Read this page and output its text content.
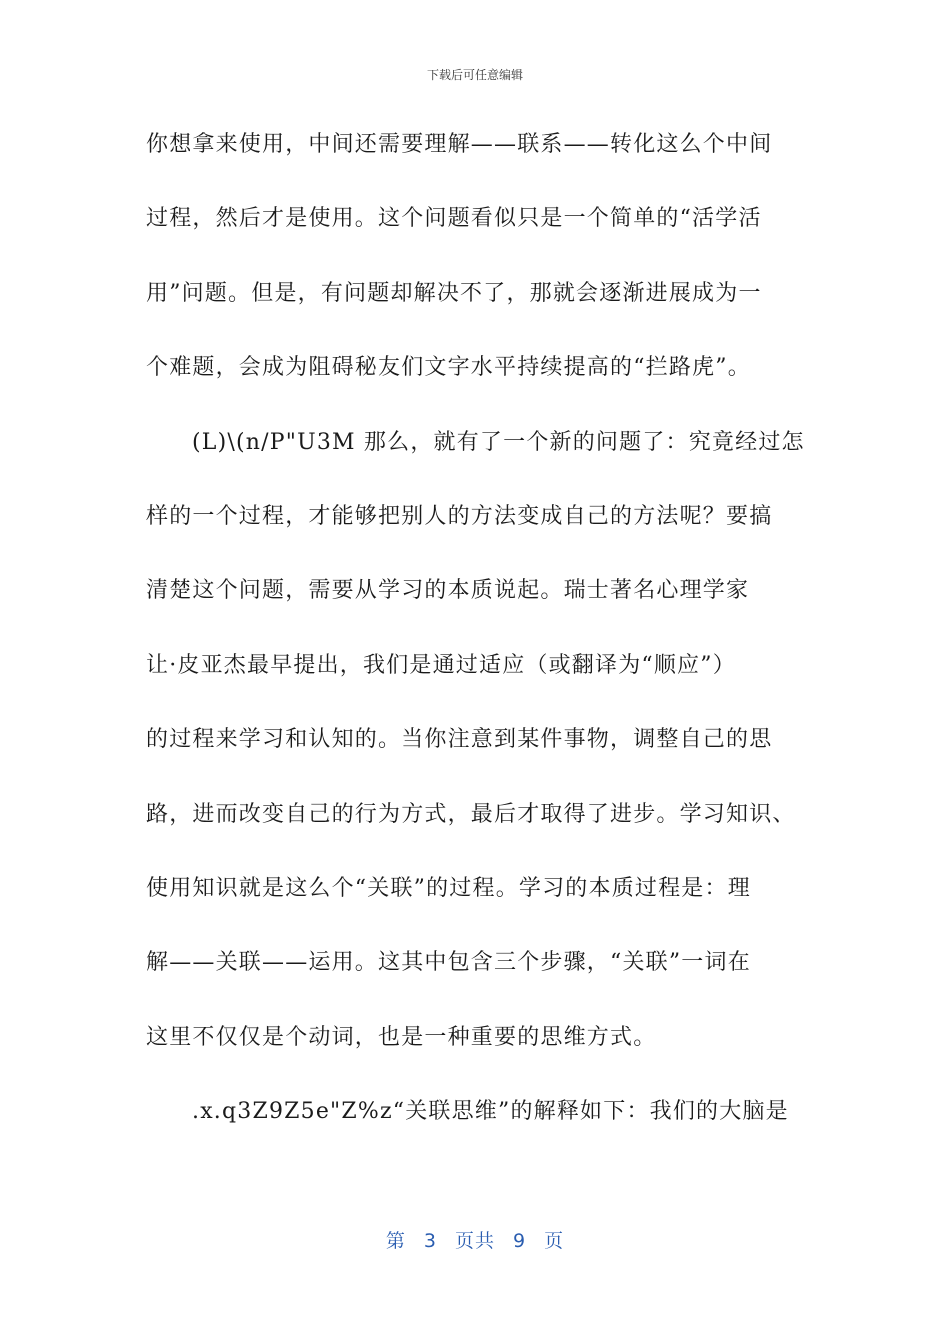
下载后可任意编辑
你想拿来使用，中间还需要理解——联系——转化这么个中间
过程，然后才是使用。这个问题看似只是一个简单的“活学活
用”问题。但是，有问题却解决不了，那就会逐渐进展成为一
个难题，会成为阻碍秘友们文字水平持续提高的“拦路虎”。
(L)\(n/P"U3M 那么，就有了一个新的问题了：究竟经过怎
样的一个过程，才能够把别人的方法变成自己的方法呢？要搞
清楚这个问题，需要从学习的本质说起。瑞士著名心理学家
让·皮亚杰最早提出，我们是通过适应（或翻译为“顺应”）
的过程来学习和认知的。当你注意到某件事物，调整自己的思
路，进而改变自己的行为方式，最后才取得了进步。学习知识、
使用知识就是这么个“关联”的过程。学习的本质过程是：理
解——关联——运用。这其中包含三个步骤，“关联”一词在
这里不仅仅是个动词，也是一种重要的思维方式。
.x.q3Z9Z5e"Z%z“关联思维”的解释如下：我们的大脑是
第 3 页共 9 页
